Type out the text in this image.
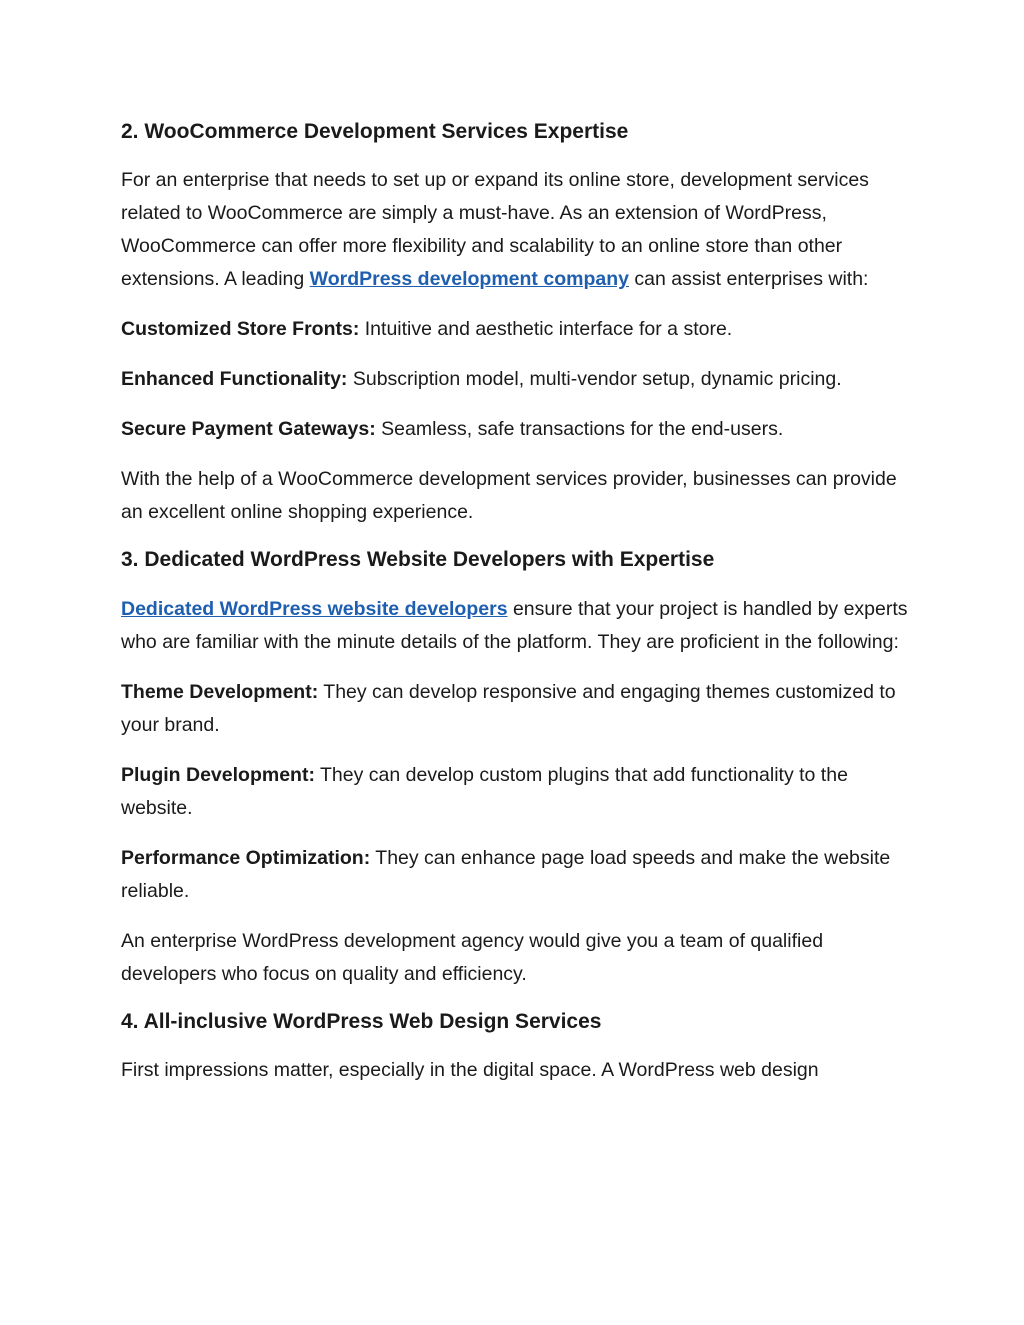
2. WooCommerce Development Services Expertise

For an enterprise that needs to set up or expand its online store, development services related to WooCommerce are simply a must-have. As an extension of WordPress, WooCommerce can offer more flexibility and scalability to an online store than other extensions. A leading WordPress development company can assist enterprises with:

Customized Store Fronts: Intuitive and aesthetic interface for a store.

Enhanced Functionality: Subscription model, multi-vendor setup, dynamic pricing.

Secure Payment Gateways: Seamless, safe transactions for the end-users.

With the help of a WooCommerce development services provider, businesses can provide an excellent online shopping experience.

3. Dedicated WordPress Website Developers with Expertise

Dedicated WordPress website developers ensure that your project is handled by experts who are familiar with the minute details of the platform. They are proficient in the following:

Theme Development: They can develop responsive and engaging themes customized to your brand.

Plugin Development: They can develop custom plugins that add functionality to the website.

Performance Optimization: They can enhance page load speeds and make the website reliable.

An enterprise WordPress development agency would give you a team of qualified developers who focus on quality and efficiency.

4. All-inclusive WordPress Web Design Services

First impressions matter, especially in the digital space. A WordPress web design
